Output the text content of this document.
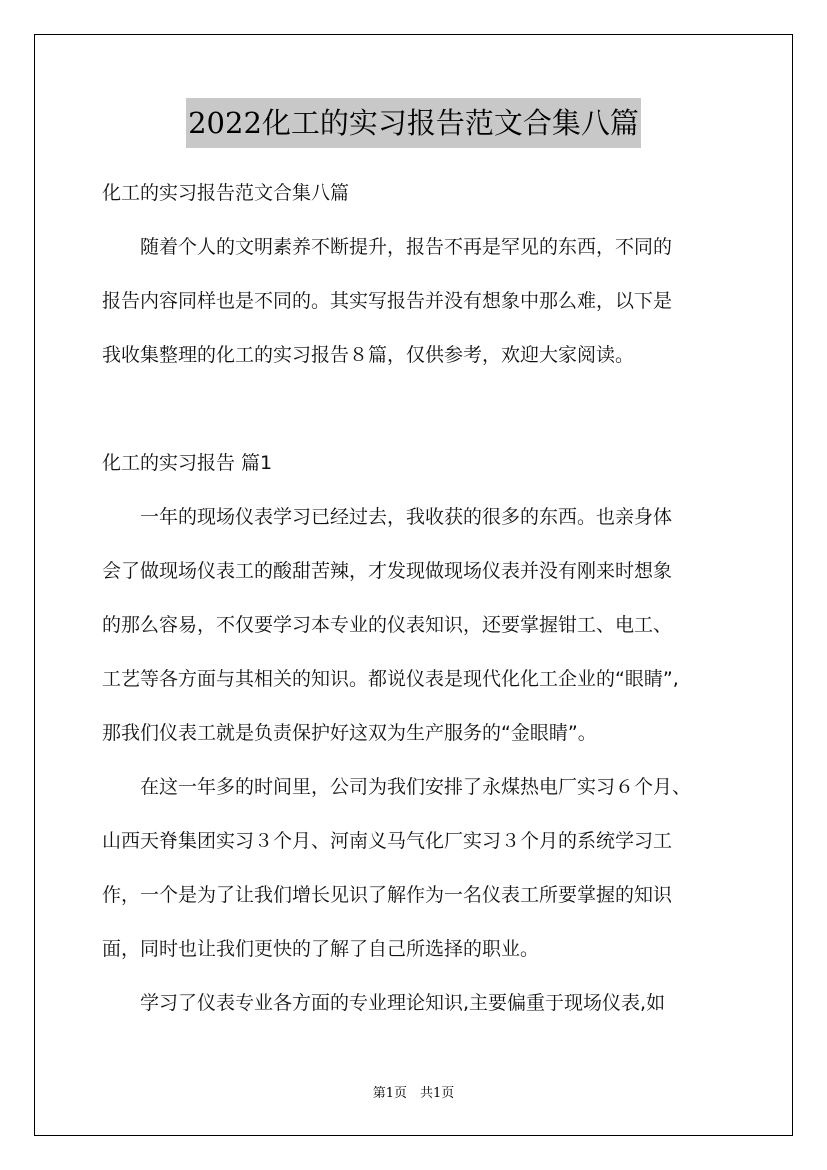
2022化工的实习报告范文合集八篇
化工的实习报告范文合集八篇
　　随着个人的文明素养不断提升，报告不再是罕见的东西，不同的
报告内容同样也是不同的。其实写报告并没有想象中那么难，以下是
我收集整理的化工的实习报告８篇，仅供参考，欢迎大家阅读。
化工的实习报告 篇1
　　一年的现场仪表学习已经过去，我收获的很多的东西。也亲身体
会了做现场仪表工的酸甜苦辣，才发现做现场仪表并没有刚来时想象
的那么容易，不仅要学习本专业的仪表知识，还要掌握钳工、电工、
工艺等各方面与其相关的知识。都说仪表是现代化化工企业的“眼睛”,
那我们仪表工就是负责保护好这双为生产服务的“金眼睛”。
　　在这一年多的时间里，公司为我们安排了永煤热电厂实习６个月、
山西天脊集团实习３个月、河南义马气化厂实习３个月的系统学习工
作，一个是为了让我们增长见识了解作为一名仪表工所要掌握的知识
面，同时也让我们更快的了解了自己所选择的职业。
　　学习了仪表专业各方面的专业理论知识,主要偏重于现场仪表,如
第1页　共1页
